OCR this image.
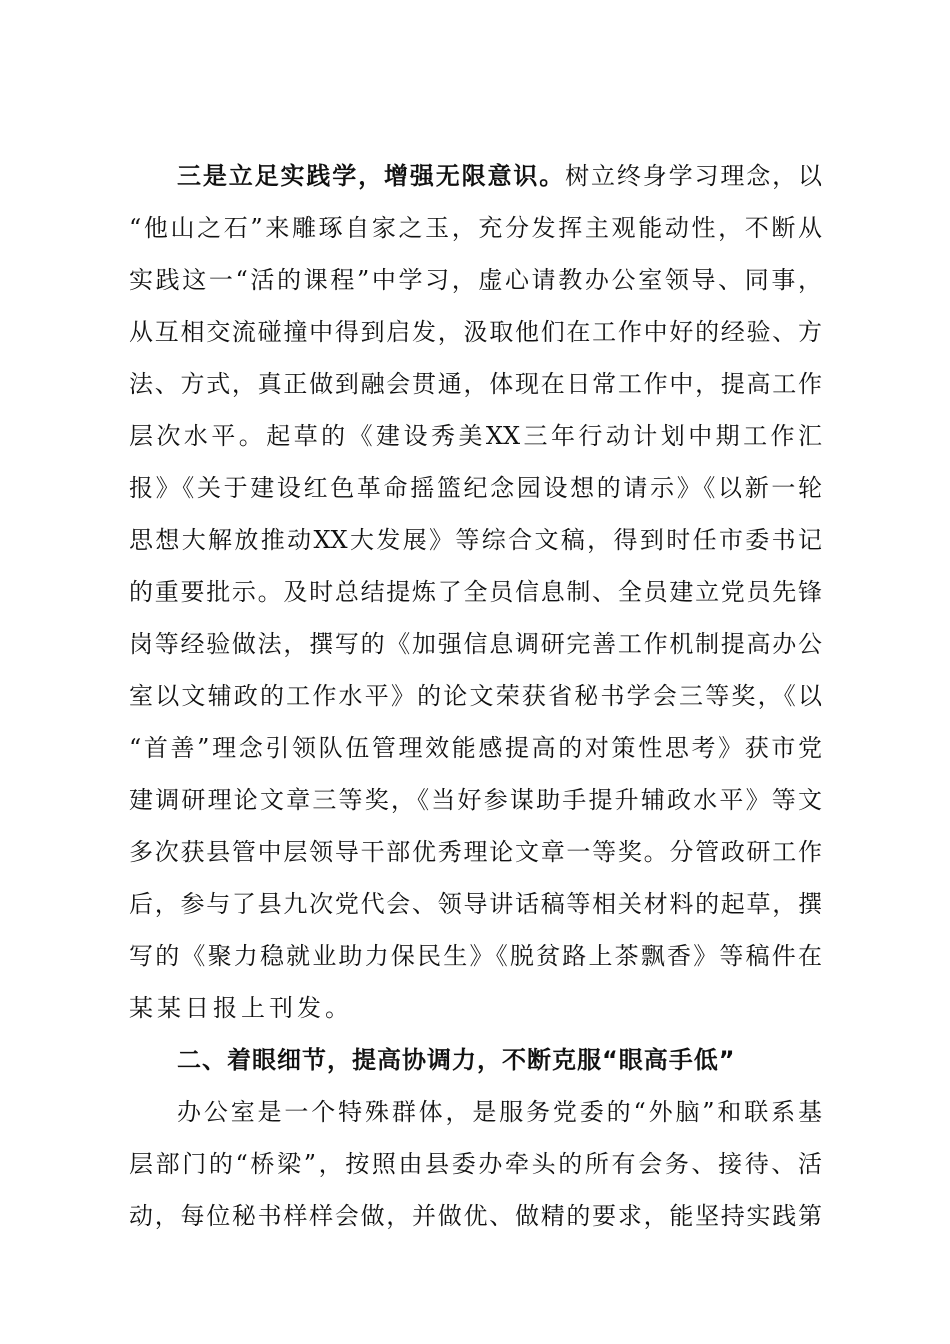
三是立足实践学，增强无限意识。树立终身学习理念，以
“他山之石”来雕琢自家之玉，充分发挥主观能动性，不断从
实践这一“活的课程”中学习，虚心请教办公室领导、同事，
从互相交流碰撞中得到启发，汲取他们在工作中好的经验、方
法、方式，真正做到融会贯通，体现在日常工作中，提高工作
层次水平。起草的《建设秀美XX三年行动计划中期工作汇
报》《关于建设红色革命摇篮纪念园设想的请示》《以新一轮
思想大解放推动XX大发展》等综合文稿，得到时任市委书记
的重要批示。及时总结提炼了全员信息制、全员建立党员先锋
岗等经验做法，撰写的《加强信息调研完善工作机制提高办公
室以文辅政的工作水平》的论文荣获省秘书学会三等奖，《以
“首善”理念引领队伍管理效能感提高的对策性思考》获市党
建调研理论文章三等奖，《当好参谋助手提升辅政水平》等文
多次获县管中层领导干部优秀理论文章一等奖。分管政研工作
后，参与了县九次党代会、领导讲话稿等相关材料的起草，撰
写的《聚力稳就业助力保民生》《脱贫路上茶飘香》等稿件在
某某日报上刊发。
二、着眼细节，提高协调力，不断克服“眼高手低”
办公室是一个特殊群体，是服务党委的“外脑”和联系基
层部门的“桥梁”，按照由县委办牵头的所有会务、接待、活
动，每位秘书样样会做，并做优、做精的要求，能坚持实践第
